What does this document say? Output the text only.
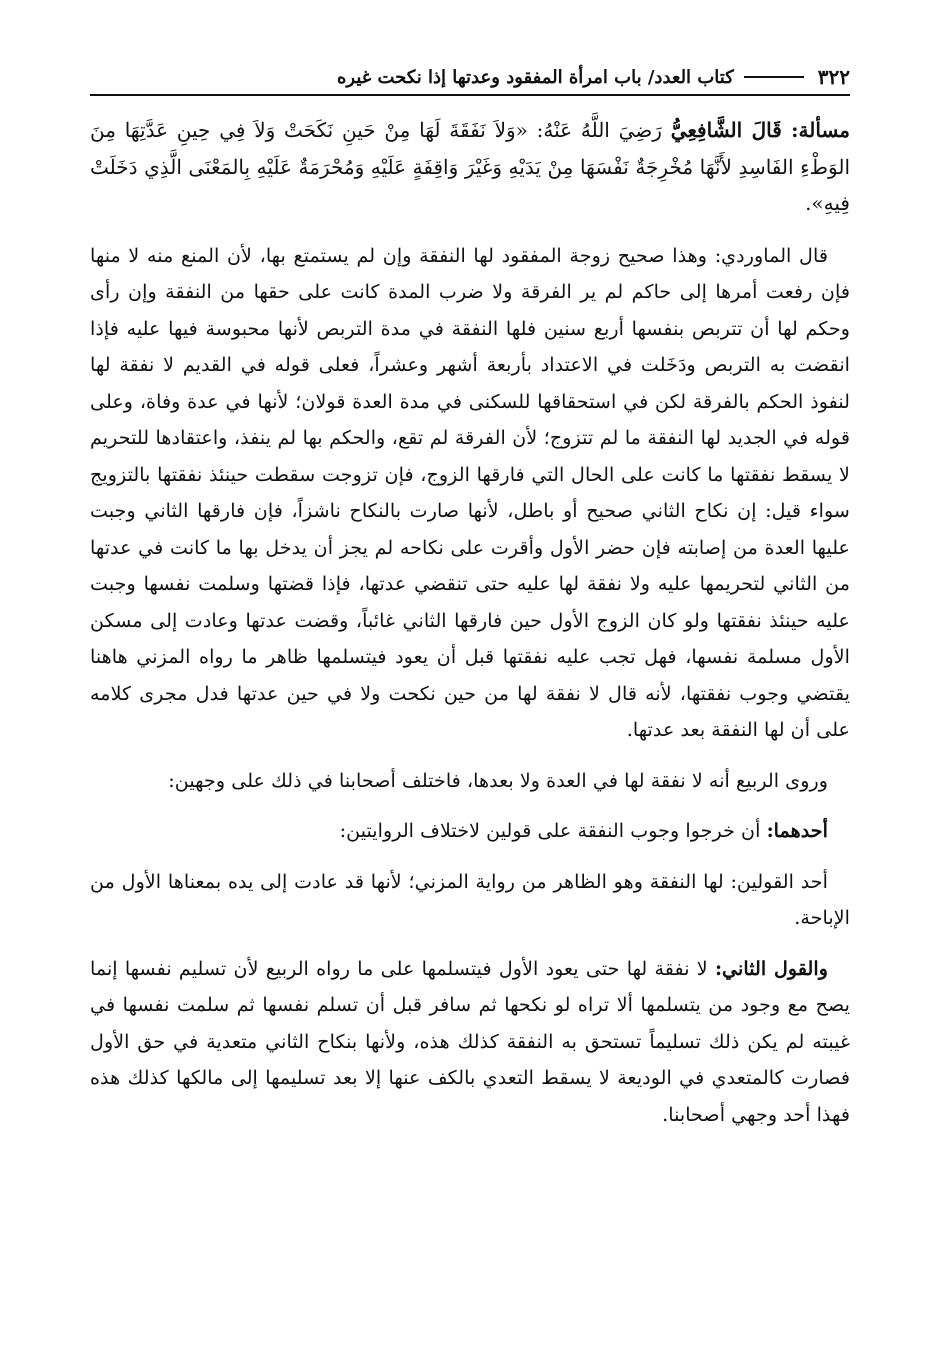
٣٢٢
كتاب العدد/ باب امرأة المفقود وعدتها إذا نكحت غيره

مسألة: قَالَ الشَّافِعِيُّ رَضِيَ اللَّهُ عَنْهُ: «وَلاَ نَفَقَةَ لَهَا مِنْ حَينِ نَكَحَتْ وَلاَ فِي حِينِ عَدَّتِهَا مِنَ الوَطْءِ الفَاسِدِ لأَنَّهَا مُخْرِجَةٌ نَفْسَهَا مِنْ يَدَيْهِ وَغَيْرَ وَاقِفَةٍ عَلَيْهِ وَمُحْرَمَةٌ عَلَيْهِ بِالمَعْنَى الَّذِي دَخَلَتْ فِيهِ».

قال الماوردي: وهذا صحيح زوجة المفقود لها النفقة وإن لم يستمتع بها، لأن المنع منه لا منها فإن رفعت أمرها إلى حاكم لم ير الفرقة ولا ضرب المدة كانت على حقها من النفقة وإن رأى وحكم لها أن تتربص بنفسها أربع سنين فلها النفقة في مدة التربص لأنها محبوسة فيها عليه فإذا انقضت به التربص ودَخَلت في الاعتداد بأربعة أشهر وعشراً، فعلى قوله في القديم لا نفقة لها لنفوذ الحكم بالفرقة لكن في استحقاقها للسكنى في مدة العدة قولان؛ لأنها في عدة وفاة، وعلى قوله في الجديد لها النفقة ما لم تتزوج؛ لأن الفرقة لم تقع، والحكم بها لم ينفذ، واعتقادها للتحريم لا يسقط نفقتها ما كانت على الحال التي فارقها الزوج، فإن تزوجت سقطت حينئذ نفقتها بالتزويج سواء قيل: إن نكاح الثاني صحيح أو باطل، لأنها صارت بالنكاح ناشزاً، فإن فارقها الثاني وجبت عليها العدة من إصابته فإن حضر الأول وأقرت على نكاحه لم يجز أن يدخل بها ما كانت في عدتها من الثاني لتحريمها عليه ولا نفقة لها عليه حتى تنقضي عدتها، فإذا قضتها وسلمت نفسها وجبت عليه حينئذ نفقتها ولو كان الزوج الأول حين فارقها الثاني غائباً، وقضت عدتها وعادت إلى مسكن الأول مسلمة نفسها، فهل تجب عليه نفقتها قبل أن يعود فيتسلمها ظاهر ما رواه المزني هاهنا يقتضي وجوب نفقتها، لأنه قال لا نفقة لها من حين نكحت ولا في حين عدتها فدل مجرى كلامه على أن لها النفقة بعد عدتها.

وروى الربيع أنه لا نفقة لها في العدة ولا بعدها، فاختلف أصحابنا في ذلك على وجهين:

أحدهما: أن خرجوا وجوب النفقة على قولين لاختلاف الروايتين:

أحد القولين: لها النفقة وهو الظاهر من رواية المزني؛ لأنها قد عادت إلى يده بمعناها الأول من الإباحة.

والقول الثاني: لا نفقة لها حتى يعود الأول فيتسلمها على ما رواه الربيع لأن تسليم نفسها إنما يصح مع وجود من يتسلمها ألا تراه لو نكحها ثم سافر قبل أن تسلم نفسها ثم سلمت نفسها في غيبته لم يكن ذلك تسليماً تستحق به النفقة كذلك هذه، ولأنها بنكاح الثاني متعدية في حق الأول فصارت كالمتعدي في الوديعة لا يسقط التعدي بالكف عنها إلا بعد تسليمها إلى مالكها كذلك هذه فهذا أحد وجهي أصحابنا.
